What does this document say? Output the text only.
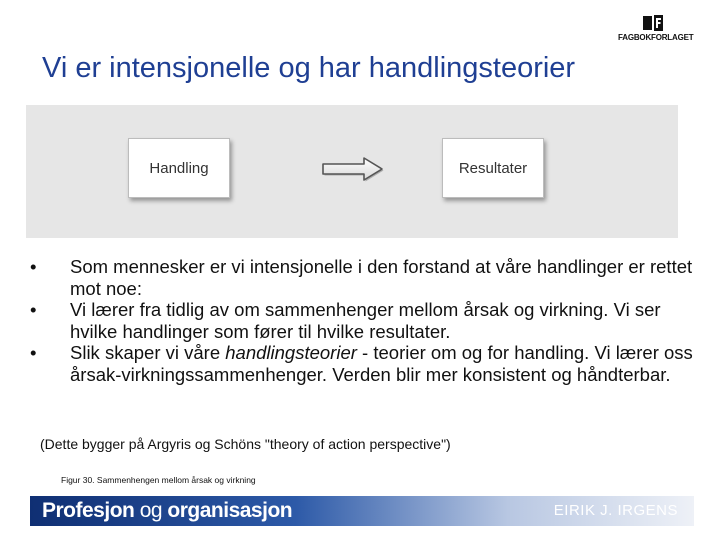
FAGBOKFORLAGET
Vi er intensjonelle og har handlingsteorier
Handling	Resultater
• Som mennesker er vi intensjonelle i den forstand at våre handlinger er rettet mot noe:
• Vi lærer fra tidlig av om sammenhenger mellom årsak og virkning. Vi ser hvilke handlinger som fører til hvilke resultater.
• Slik skaper vi våre handlingsteorier - teorier om og for handling. Vi lærer oss årsak-virkningssammenhenger. Verden blir mer konsistent og håndterbar.
(Dette bygger på Argyris og Schöns "theory of action perspective")
Figur 30. Sammenhengen mellom årsak og virkning
Profesjon og organisasjon	EIRIK J. IRGENS
